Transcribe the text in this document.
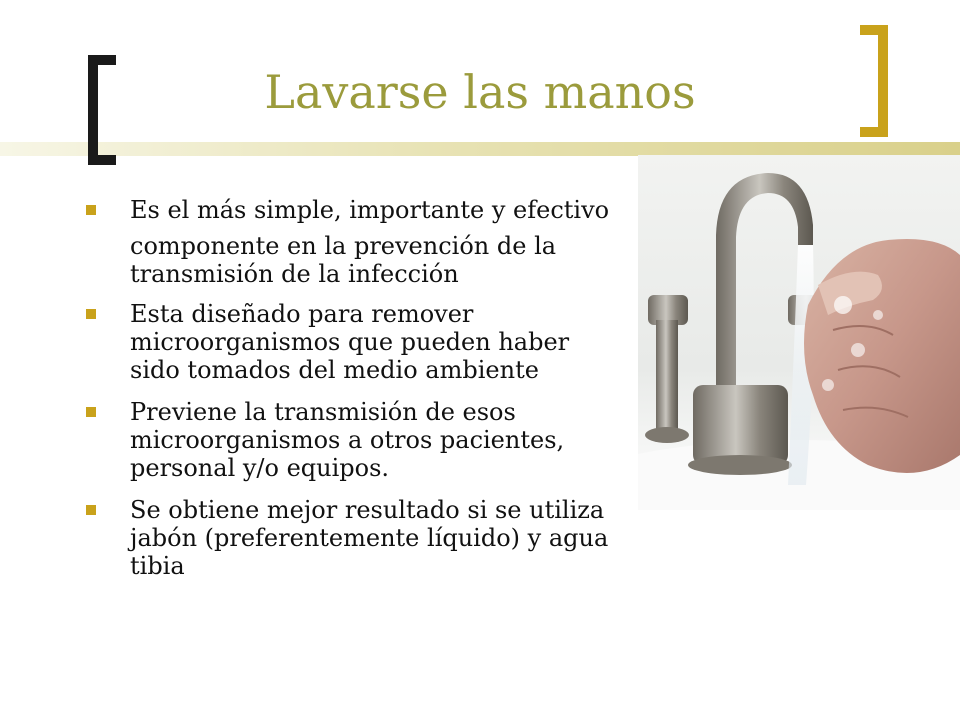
Lavarse las manos
Es el más simple, importante y efectivo
componente en la prevención de la transmisión de la infección
Esta diseñado para remover microorganismos que pueden haber sido tomados del medio ambiente
Previene la transmisión de esos microorganismos a otros pacientes, personal y/o equipos.
Se obtiene mejor resultado si se utiliza jabón (preferentemente líquido) y agua tibia
